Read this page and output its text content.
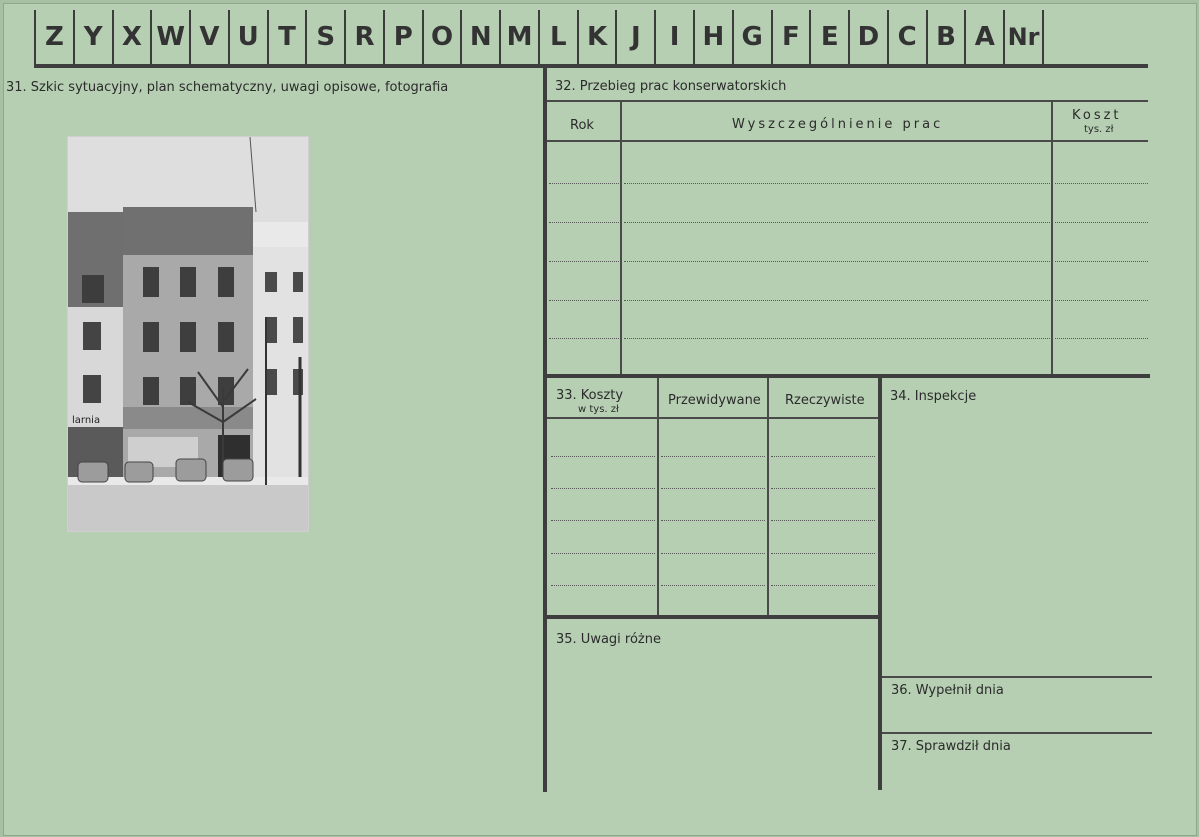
Z Y X W V U T S R P O N M L K J	I H G F E D C B A Nr
31. Szkic sytuacyjny, plan schematyczny, uwagi opisowe, fotografia
larnia
32. Przebieg prac konserwatorskich
Rok	Wyszczególnienie prac
Koszt
tys. zł
33. Koszty
w tys. zł
Przewidywane Rzeczywiste 34. Inspekcje
35. Uwagi różne
36. Wypełnił dnia
37. Sprawdził dnia
